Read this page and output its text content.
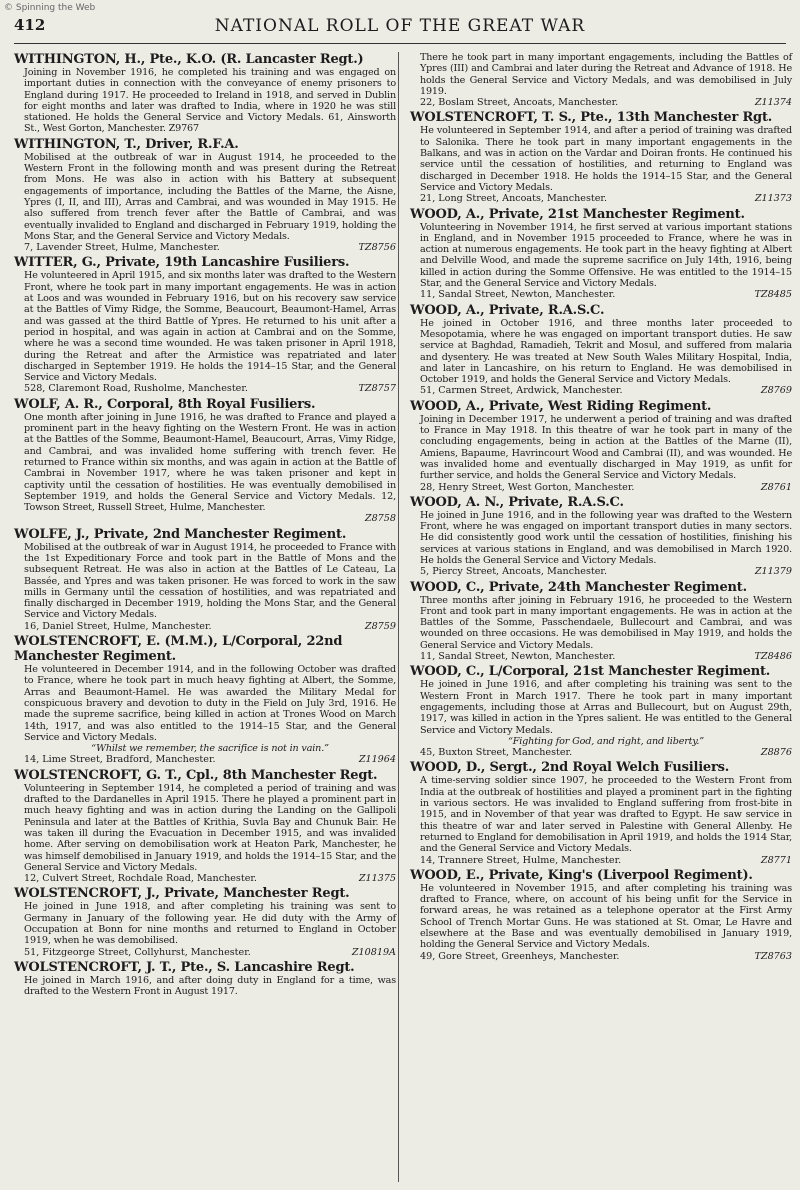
© Spinning the Web
412	NATIONAL ROLL OF THE GREAT WAR
WITHINGTON, H., Pte., K.O. (R. Lancaster Regt.)

Joining in November 1916, he completed his training and was engaged on important duties in connection with the conveyance of enemy prisoners to England during 1917. He proceeded to Ireland in 1918, and served in Dublin for eight months and later was drafted to India, where in 1920 he was still stationed. He holds the General Service and Victory Medals. 61, Ainsworth St., West Gorton, Manchester. Z9767

WITHINGTON, T., Driver, R.F.A.

Mobilised at the outbreak of war in August 1914, he proceeded to the Western Front in the following month and was present during the Retreat from Mons. He was also in action with his Battery at subsequent engagements of importance, including the Battles of the Marne, the Aisne, Ypres (I, II, and III), Arras and Cambrai, and was wounded in May 1915. He also suffered from trench fever after the Battle of Cambrai, and was eventually invalided to England and discharged in February 1919, holding the Mons Star, and the General Service and Victory Medals.

7, Lavender Street, Hulme, Manchester.	TZ8756
WITTER, G., Private, 19th Lancashire Fusiliers.

He volunteered in April 1915, and six months later was drafted to the Western Front, where he took part in many important engagements. He was in action at Loos and was wounded in February 1916, but on his recovery saw service at the Battles of Vimy Ridge, the Somme, Beaucourt, Beaumont-Hamel, Arras and was gassed at the third Battle of Ypres. He returned to his unit after a period in hospital, and was again in action at Cambrai and on the Somme, where he was a second time wounded. He was taken prisoner in April 1918, during the Retreat and after the Armistice was repatriated and later discharged in September 1919. He holds the 1914–15 Star, and the General Service and Victory Medals.

528, Claremont Road, Rusholme, Manchester.	TZ8757
WOLF, A. R., Corporal, 8th Royal Fusiliers.

One month after joining in June 1916, he was drafted to France and played a prominent part in the heavy fighting on the Western Front. He was in action at the Battles of the Somme, Beaumont-Hamel, Beaucourt, Arras, Vimy Ridge, and Cambrai, and was invalided home suffering with trench fever. He returned to France within six months, and was again in action at the Battle of Cambrai in November 1917, where he was taken prisoner and kept in captivity until the cessation of hostilities. He was eventually demobilised in September 1919, and holds the General Service and Victory Medals. 12, Towson Street, Russell Street, Hulme, Manchester.

Z8758
WOLFE, J., Private, 2nd Manchester Regiment.

Mobilised at the outbreak of war in August 1914, he proceeded to France with the 1st Expeditionary Force and took part in the Battle of Mons and the subsequent Retreat. He was also in action at the Battles of Le Cateau, La Bassée, and Ypres and was taken prisoner. He was forced to work in the saw mills in Germany until the cessation of hostilities, and was repatriated and finally discharged in December 1919, holding the Mons Star, and the General Service and Victory Medals.

16, Daniel Street, Hulme, Manchester.	Z8759
WOLSTENCROFT, E. (M.M.), L/Corporal, 22nd Manchester Regiment.

He volunteered in December 1914, and in the following October was drafted to France, where he took part in much heavy fighting at Albert, the Somme, Arras and Beaumont-Hamel. He was awarded the Military Medal for conspicuous bravery and devotion to duty in the Field on July 3rd, 1916. He made the supreme sacrifice, being killed in action at Trones Wood on March 14th, 1917, and was also entitled to the 1914–15 Star, and the General Service and Victory Medals.

“Whilst we remember, the sacrifice is not in vain.”

14, Lime Street, Bradford, Manchester.	Z11964
WOLSTENCROFT, G. T., Cpl., 8th Manchester Regt.

Volunteering in September 1914, he completed a period of training and was drafted to the Dardanelles in April 1915. There he played a prominent part in much heavy fighting and was in action during the Landing on the Gallipoli Peninsula and later at the Battles of Krithia, Suvla Bay and Chunuk Bair. He was taken ill during the Evacuation in December 1915, and was invalided home. After serving on demobilisation work at Heaton Park, Manchester, he was himself demobilised in January 1919, and holds the 1914–15 Star, and the General Service and Victory Medals.

12, Culvert Street, Rochdale Road, Manchester.	Z11375
WOLSTENCROFT, J., Private, Manchester Regt.

He joined in June 1918, and after completing his training was sent to Germany in January of the following year. He did duty with the Army of Occupation at Bonn for nine months and returned to England in October 1919, when he was demobilised.

51, Fitzgeorge Street, Collyhurst, Manchester.	Z10819A
WOLSTENCROFT, J. T., Pte., S. Lancashire Regt.

He joined in March 1916, and after doing duty in England for a time, was drafted to the Western Front in August 1917.

There he took part in many important engagements, including the Battles of Ypres (III) and Cambrai and later during the Retreat and Advance of 1918. He holds the General Service and Victory Medals, and was demobilised in July 1919.

22, Boslam Street, Ancoats, Manchester.	Z11374
WOLSTENCROFT, T. S., Pte., 13th Manchester Rgt.

He volunteered in September 1914, and after a period of training was drafted to Salonika. There he took part in many important engagements in the Balkans, and was in action on the Vardar and Doiran fronts. He continued his service until the cessation of hostilities, and returning to England was discharged in December 1918. He holds the 1914–15 Star, and the General Service and Victory Medals.

21, Long Street, Ancoats, Manchester.	Z11373
WOOD, A., Private, 21st Manchester Regiment.

Volunteering in November 1914, he first served at various important stations in England, and in November 1915 proceeded to France, where he was in action at numerous engagements. He took part in the heavy fighting at Albert and Delville Wood, and made the supreme sacrifice on July 14th, 1916, being killed in action during the Somme Offensive. He was entitled to the 1914–15 Star, and the General Service and Victory Medals.

11, Sandal Street, Newton, Manchester.	TZ8485
WOOD, A., Private, R.A.S.C.

He joined in October 1916, and three months later proceeded to Mesopotamia, where he was engaged on important transport duties. He saw service at Baghdad, Ramadieh, Tekrit and Mosul, and suffered from malaria and dysentery. He was treated at New South Wales Military Hospital, India, and later in Lancashire, on his return to England. He was demobilised in October 1919, and holds the General Service and Victory Medals.

51, Carmen Street, Ardwick, Manchester.	Z8769
WOOD, A., Private, West Riding Regiment.

Joining in December 1917, he underwent a period of training and was drafted to France in May 1918. In this theatre of war he took part in many of the concluding engagements, being in action at the Battles of the Marne (II), Amiens, Bapaume, Havrincourt Wood and Cambrai (II), and was wounded. He was invalided home and eventually discharged in May 1919, as unfit for further service, and holds the General Service and Victory Medals.

28, Henry Street, West Gorton, Manchester.	Z8761
WOOD, A. N., Private, R.A.S.C.

He joined in June 1916, and in the following year was drafted to the Western Front, where he was engaged on important transport duties in many sectors. He did consistently good work until the cessation of hostilities, finishing his services at various stations in England, and was demobilised in March 1920. He holds the General Service and Victory Medals.

5, Piercy Street, Ancoats, Manchester.	Z11379
WOOD, C., Private, 24th Manchester Regiment.

Three months after joining in February 1916, he proceeded to the Western Front and took part in many important engagements. He was in action at the Battles of the Somme, Passchendaele, Bullecourt and Cambrai, and was wounded on three occasions. He was demobilised in May 1919, and holds the General Service and Victory Medals.

11, Sandal Street, Newton, Manchester.	TZ8486
WOOD, C., L/Corporal, 21st Manchester Regiment.

He joined in June 1916, and after completing his training was sent to the Western Front in March 1917. There he took part in many important engagements, including those at Arras and Bullecourt, but on August 29th, 1917, was killed in action in the Ypres salient. He was entitled to the General Service and Victory Medals.

“Fighting for God, and right, and liberty.”

45, Buxton Street, Manchester.	Z8876
WOOD, D., Sergt., 2nd Royal Welch Fusiliers.

A time-serving soldier since 1907, he proceeded to the Western Front from India at the outbreak of hostilities and played a prominent part in the fighting in various sectors. He was invalided to England suffering from frost-bite in 1915, and in November of that year was drafted to Egypt. He saw service in this theatre of war and later served in Palestine with General Allenby. He returned to England for demobilisation in April 1919, and holds the 1914 Star, and the General Service and Victory Medals.

14, Trannere Street, Hulme, Manchester.	Z8771
WOOD, E., Private, King's (Liverpool Regiment).

He volunteered in November 1915, and after completing his training was drafted to France, where, on account of his being unfit for the Service in forward areas, he was retained as a telephone operator at the First Army School of Trench Mortar Guns. He was stationed at St. Omar, Le Havre and elsewhere at the Base and was eventually demobilised in January 1919, holding the General Service and Victory Medals.

49, Gore Street, Greenheys, Manchester.	TZ8763
